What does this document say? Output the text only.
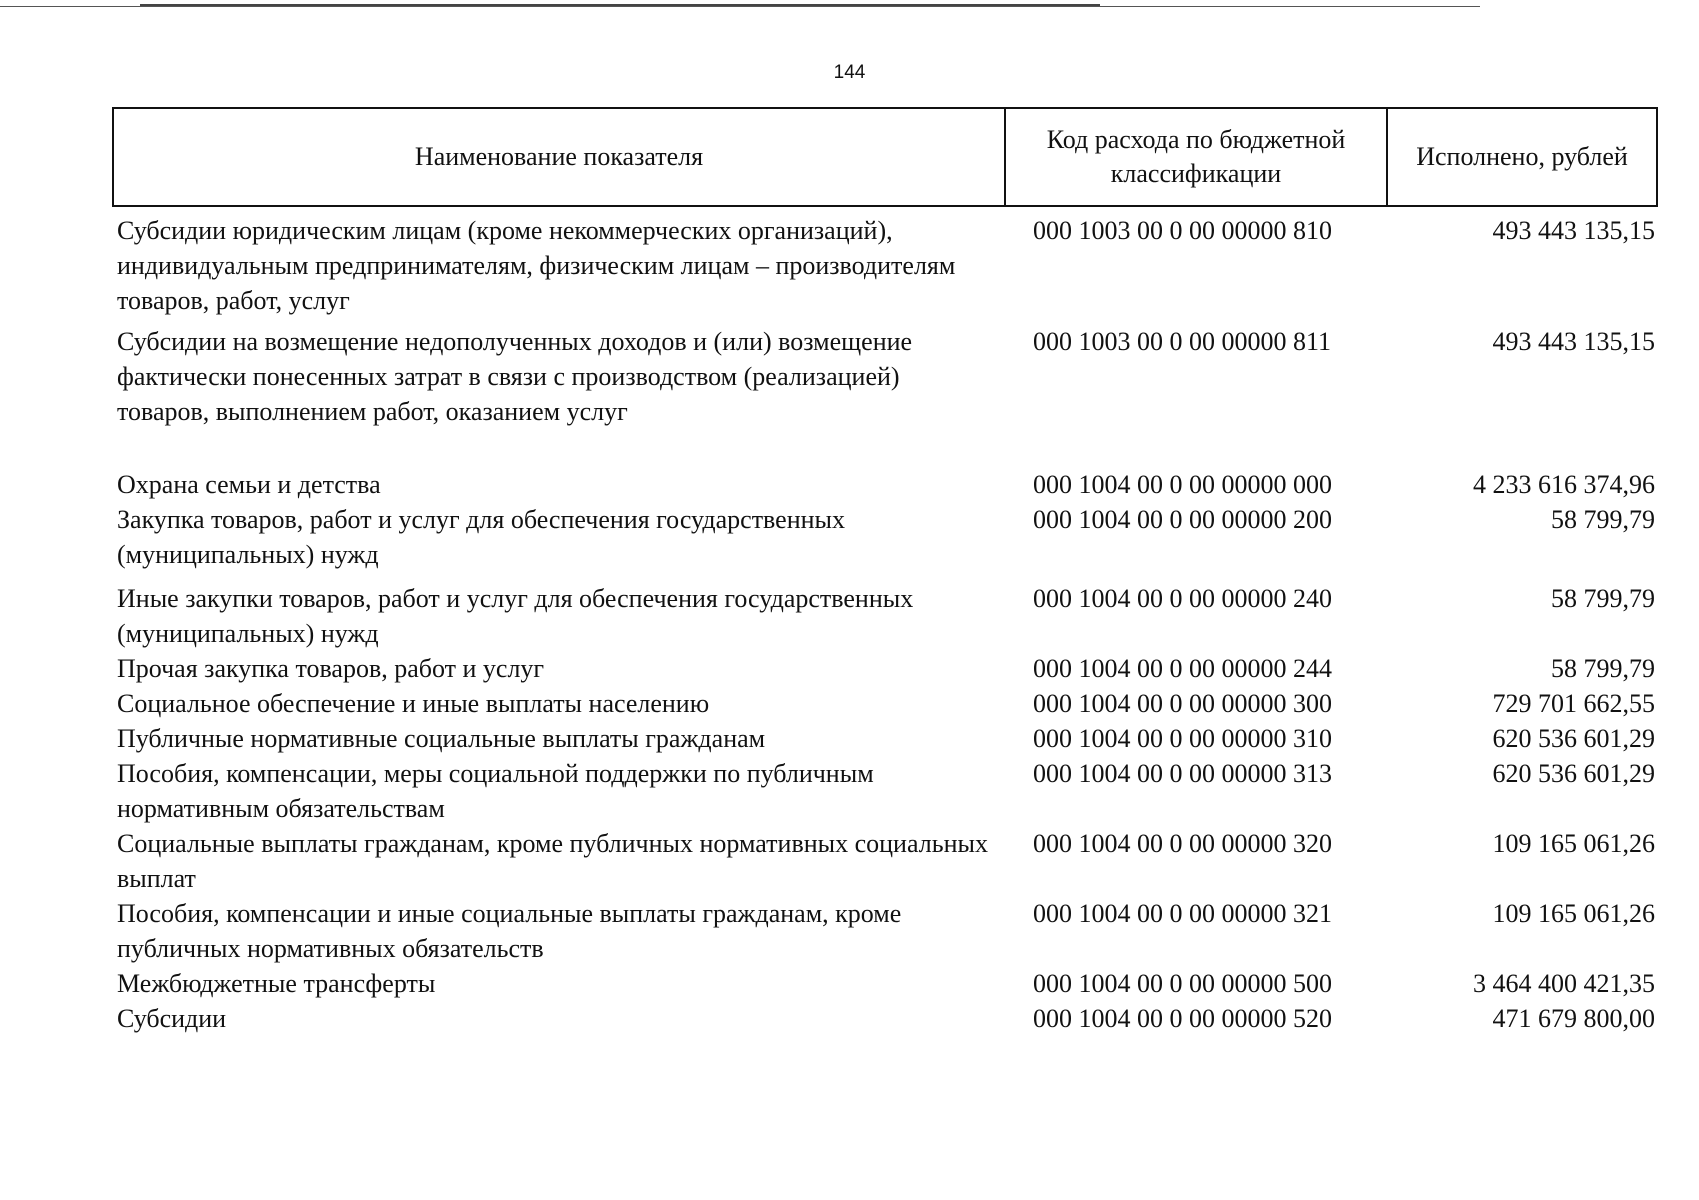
144
Наименование показателя	Код расхода по бюджетной классификации	Исполнено, рублей
Субсидии юридическим лицам (кроме некоммерческих организаций), индивидуальным предпринимателям, физическим лицам – производителям товаров, работ, услуг	000 1003 00 0 00 00000 810	493 443 135,15
Субсидии на возмещение недополученных доходов и (или) возмещение фактически понесенных затрат в связи с производством (реализацией) товаров, выполнением работ, оказанием услуг	000 1003 00 0 00 00000 811	493 443 135,15
Охрана семьи и детства	000 1004 00 0 00 00000 000	4 233 616 374,96
Закупка товаров, работ и услуг для обеспечения государственных (муниципальных) нужд	000 1004 00 0 00 00000 200	58 799,79
Иные закупки товаров, работ и услуг для обеспечения государственных (муниципальных) нужд	000 1004 00 0 00 00000 240	58 799,79
Прочая закупка товаров, работ и услуг	000 1004 00 0 00 00000 244	58 799,79
Социальное обеспечение и иные выплаты населению	000 1004 00 0 00 00000 300	729 701 662,55
Публичные нормативные социальные выплаты гражданам	000 1004 00 0 00 00000 310	620 536 601,29
Пособия, компенсации, меры социальной поддержки по публичным нормативным обязательствам	000 1004 00 0 00 00000 313	620 536 601,29
Социальные выплаты гражданам, кроме публичных нормативных социальных выплат	000 1004 00 0 00 00000 320	109 165 061,26
Пособия, компенсации и иные социальные выплаты гражданам, кроме публичных нормативных обязательств	000 1004 00 0 00 00000 321	109 165 061,26
Межбюджетные трансферты	000 1004 00 0 00 00000 500	3 464 400 421,35
Субсидии	000 1004 00 0 00 00000 520	471 679 800,00
